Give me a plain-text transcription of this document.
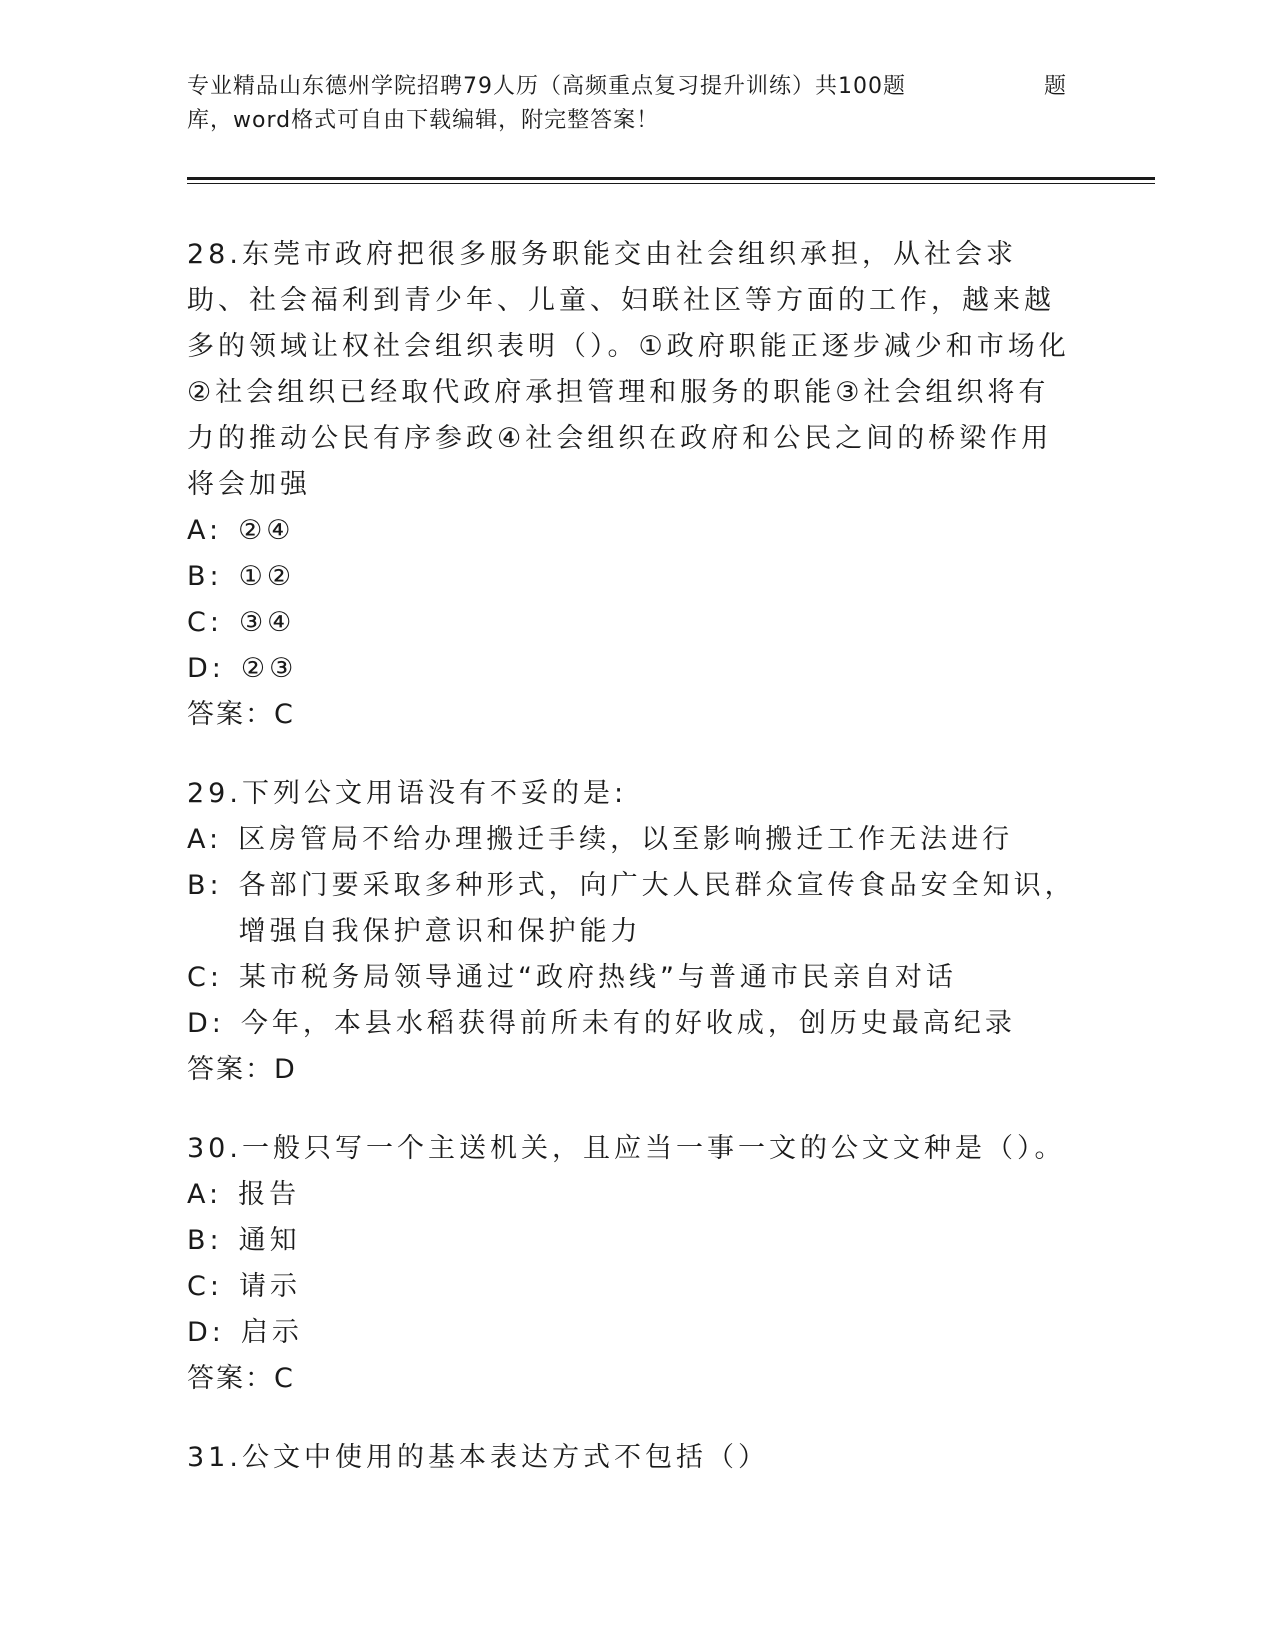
专业精品山东德州学院招聘79人历（高频重点复习提升训练）共100题	题
库，word格式可自由下载编辑，附完整答案！

28.东莞市政府把很多服务职能交由社会组织承担，从社会求助、社会福利到青少年、儿童、妇联社区等方面的工作，越来越多的领域让权社会组织表明（）。①政府职能正逐步减少和市场化②社会组织已经取代政府承担管理和服务的职能③社会组织将有力的推动公民有序参政④社会组织在政府和公民之间的桥梁作用将会加强

A: ②④
B: ①②
C: ③④
D: ②③

答案：C

29.下列公文用语没有不妥的是:

A: 区房管局不给办理搬迁手续，以至影响搬迁工作无法进行
B: 各部门要采取多种形式，向广大人民群众宣传食品安全知识，增强自我保护意识和保护能力
C: 某市税务局领导通过“政府热线”与普通市民亲自对话
D: 今年，本县水稻获得前所未有的好收成，创历史最高纪录

答案：D

30.一般只写一个主送机关，且应当一事一文的公文文种是（）。

A: 报告
B: 通知
C: 请示
D: 启示

答案：C

31.公文中使用的基本表达方式不包括（）
